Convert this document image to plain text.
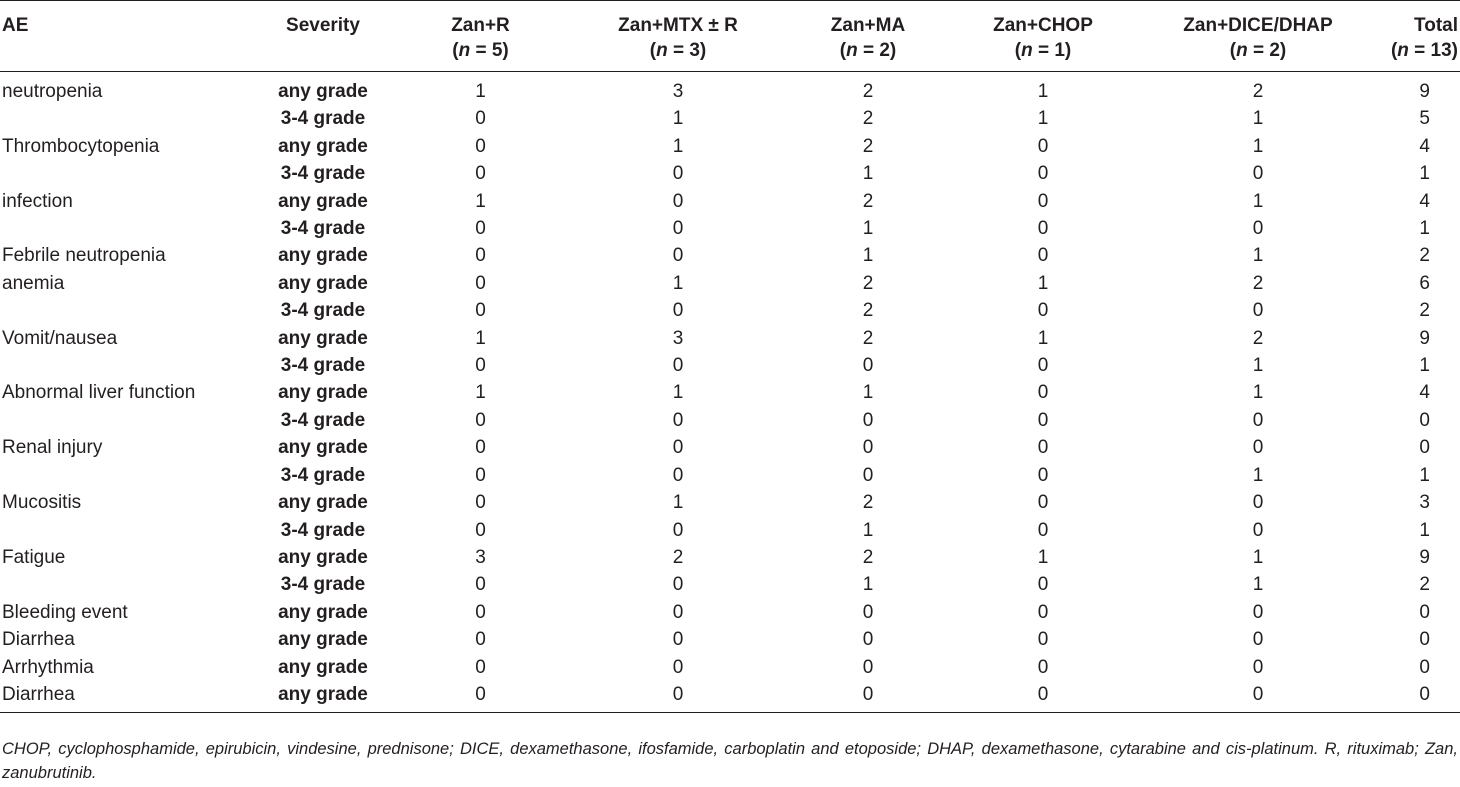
AE	Severity	Zan+R	Zan+MTX ± R	Zan+MA	Zan+CHOP	Zan+DICE/DHAP	Total
		(n = 5)	(n = 3)	(n = 2)	(n = 1)	(n = 2)	(n = 13)
neutropenia	any grade	1	3	2	1	2	9
	3-4 grade	0	1	2	1	1	5
Thrombocytopenia	any grade	0	1	2	0	1	4
	3-4 grade	0	0	1	0	0	1
infection	any grade	1	0	2	0	1	4
	3-4 grade	0	0	1	0	0	1
Febrile neutropenia	any grade	0	0	1	0	1	2
anemia	any grade	0	1	2	1	2	6
	3-4 grade	0	0	2	0	0	2
Vomit/nausea	any grade	1	3	2	1	2	9
	3-4 grade	0	0	0	0	1	1
Abnormal liver function	any grade	1	1	1	0	1	4
	3-4 grade	0	0	0	0	0	0
Renal injury	any grade	0	0	0	0	0	0
	3-4 grade	0	0	0	0	1	1
Mucositis	any grade	0	1	2	0	0	3
	3-4 grade	0	0	1	0	0	1
Fatigue	any grade	3	2	2	1	1	9
	3-4 grade	0	0	1	0	1	2
Bleeding event	any grade	0	0	0	0	0	0
Diarrhea	any grade	0	0	0	0	0	0
Arrhythmia	any grade	0	0	0	0	0	0
Diarrhea	any grade	0	0	0	0	0	0
CHOP, cyclophosphamide, epirubicin, vindesine, prednisone; DICE, dexamethasone, ifosfamide, carboplatin and etoposide; DHAP, dexamethasone, cytarabine and cis-platinum. R, rituximab; Zan, zanubrutinib.
